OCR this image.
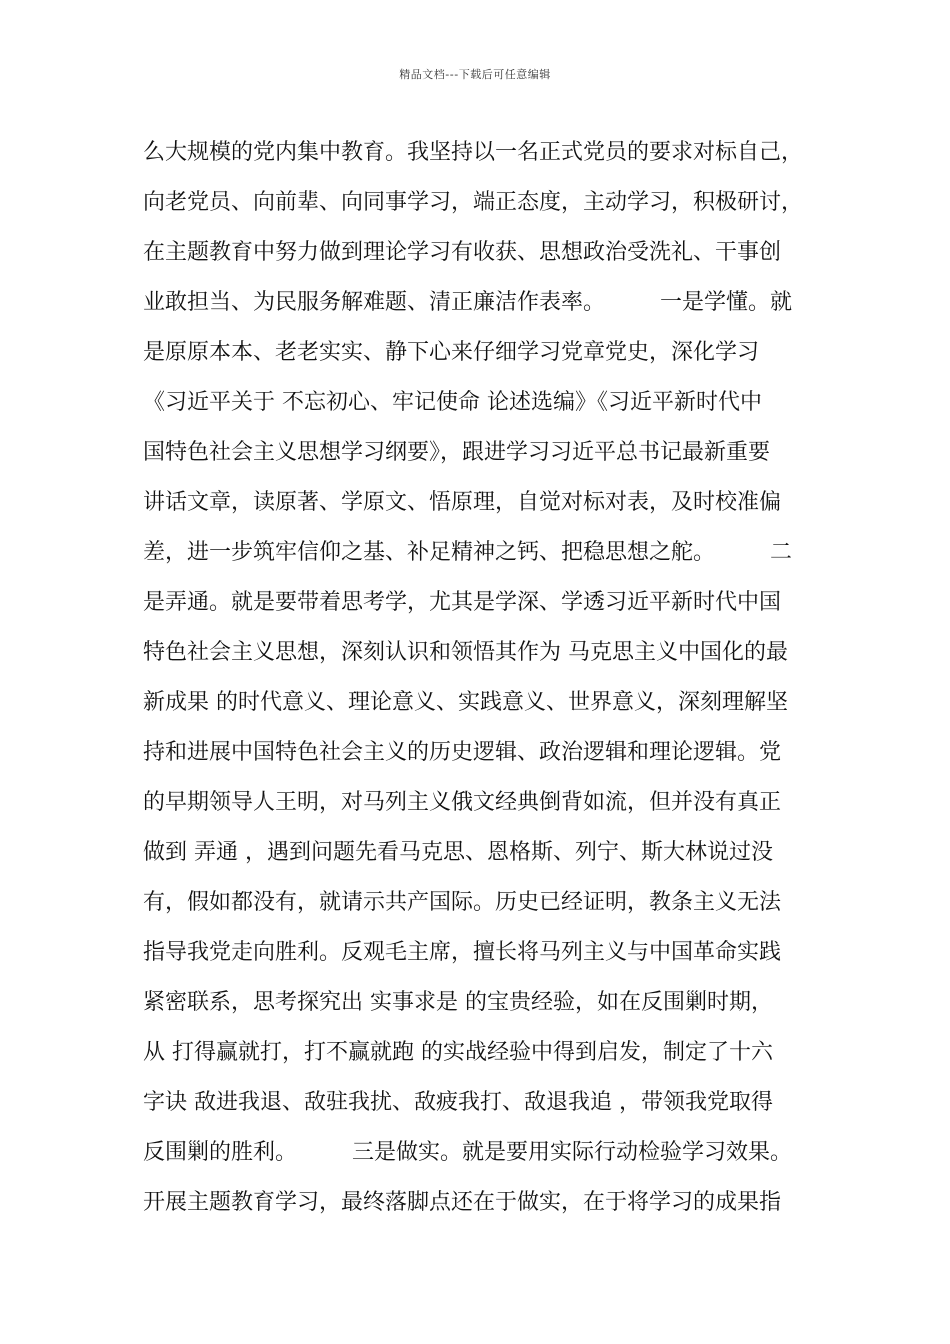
精品文档---下载后可任意编辑
么大规模的党内集中教育。我坚持以一名正式党员的要求对标自己，
向老党员、向前辈、向同事学习，端正态度，主动学习，积极研讨，
在主题教育中努力做到理论学习有收获、思想政治受洗礼、干事创
业敢担当、为民服务解难题、清正廉洁作表率。　　　一是学懂。就
是原原本本、老老实实、静下心来仔细学习党章党史，深化学习
《习近平关于 不忘初心、牢记使命 论述选编》《习近平新时代中
国特色社会主义思想学习纲要》，跟进学习习近平总书记最新重要
讲话文章，读原著、学原文、悟原理，自觉对标对表，及时校准偏
差，进一步筑牢信仰之基、补足精神之钙、把稳思想之舵。　　　二
是弄通。就是要带着思考学，尤其是学深、学透习近平新时代中国
特色社会主义思想，深刻认识和领悟其作为 马克思主义中国化的最
新成果 的时代意义、理论意义、实践意义、世界意义，深刻理解坚
持和进展中国特色社会主义的历史逻辑、政治逻辑和理论逻辑。党
的早期领导人王明，对马列主义俄文经典倒背如流，但并没有真正
做到 弄通 ，遇到问题先看马克思、恩格斯、列宁、斯大林说过没
有，假如都没有，就请示共产国际。历史已经证明，教条主义无法
指导我党走向胜利。反观毛主席，擅长将马列主义与中国革命实践
紧密联系，思考探究出 实事求是 的宝贵经验，如在反围剿时期，
从 打得赢就打，打不赢就跑 的实战经验中得到启发，制定了十六
字诀 敌进我退、敌驻我扰、敌疲我打、敌退我追 ，带领我党取得
反围剿的胜利。　　　三是做实。就是要用实际行动检验学习效果。
开展主题教育学习，最终落脚点还在于做实，在于将学习的成果指
